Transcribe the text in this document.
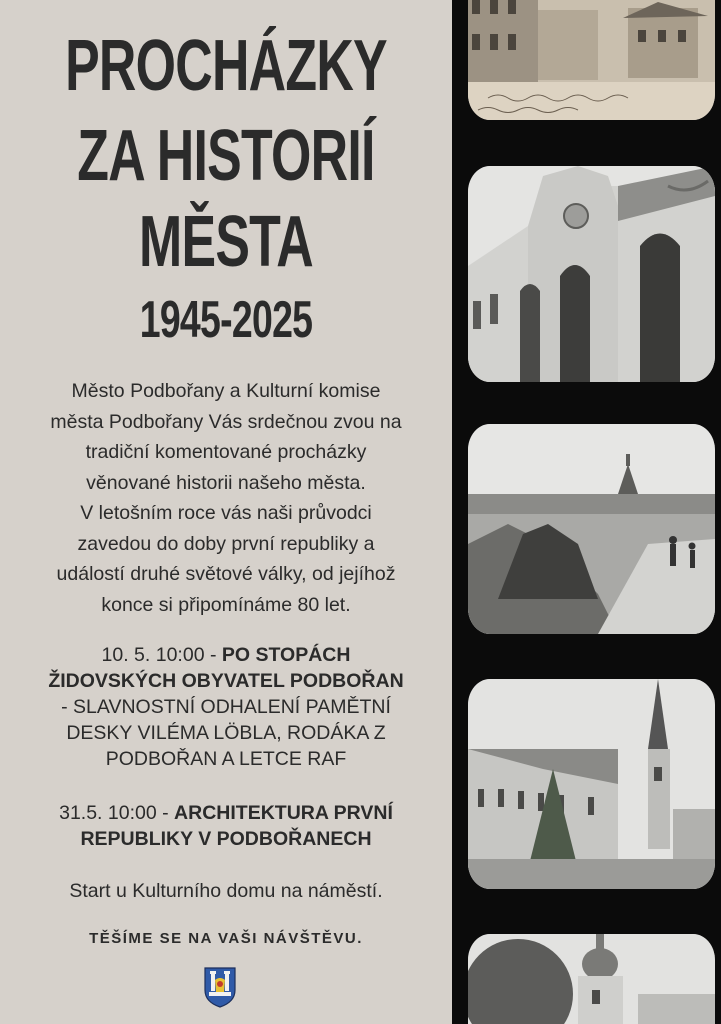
PROCHÁZKY
ZA HISTORIÍ
MĚSTA
1945-2025
Město Podbořany a Kulturní komise
města Podbořany Vás srdečnou zvou na
tradiční komentované procházky
věnované historii našeho města.
V letošním roce vás naši průvodci
zavedou do doby první republiky a
událostí druhé světové války, od jejíhož
konce si připomínáme 80 let.
10. 5. 10:00 - PO STOPÁCH
ŽIDOVSKÝCH OBYVATEL PODBOŘAN
- SLAVNOSTNÍ ODHALENÍ PAMĚTNÍ
DESKY VILÉMA LÖBLA, RODÁKA Z
PODBOŘAN A LETCE RAF
31.5. 10:00 - ARCHITEKTURA PRVNÍ
REPUBLIKY V PODBOŘANECH
Start u Kulturního domu na náměstí.
TĚŠÍME SE NA VAŠI NÁVŠTĚVU.
